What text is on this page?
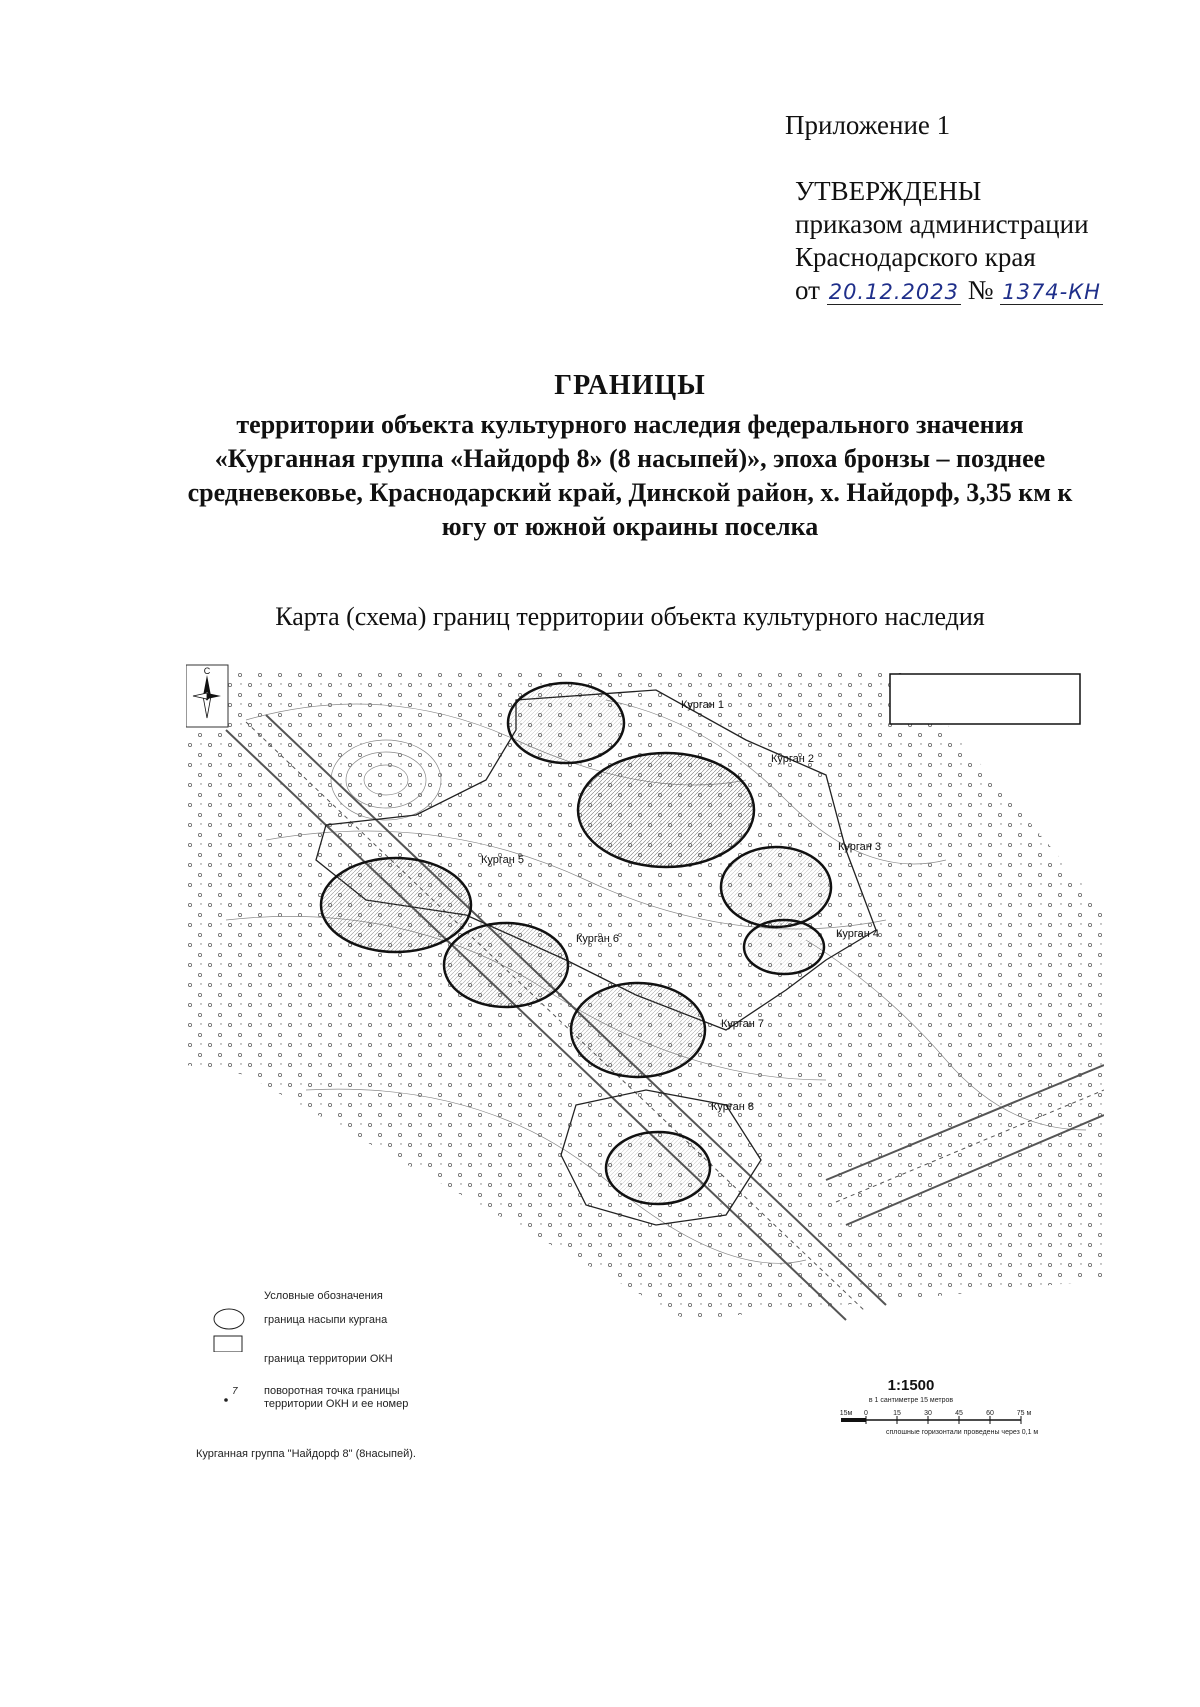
Приложение 1
УТВЕРЖДЕНЫ
приказом администрации
Краснодарского края
от 20.12.2023 № 1374-КН
ГРАНИЦЫ
территории объекта культурного наследия федерального значения «Курганная группа «Найдорф 8» (8 насыпей)», эпоха бронзы – позднее средневековье, Краснодарский край, Динской район, х. Найдорф, 3,35 км к югу от южной окраины поселка
Карта (схема) границ территории объекта культурного наследия
Курган 1
Курган 2
Курган 3
Курган 4
Курган 5
Курган 6
Курган 7
Курган 8
С
Условные обозначения
граница насыпи кургана
граница территории ОКН
7 поворотная точка границы
территории ОКН и ее номер
Курганная группа "Найдорф 8" (8насыпей).
1:1500
в 1 сантиметре 15 метров
15м 0	15	30	45	60	75 м
сплошные горизонтали проведены через 0,1 м
